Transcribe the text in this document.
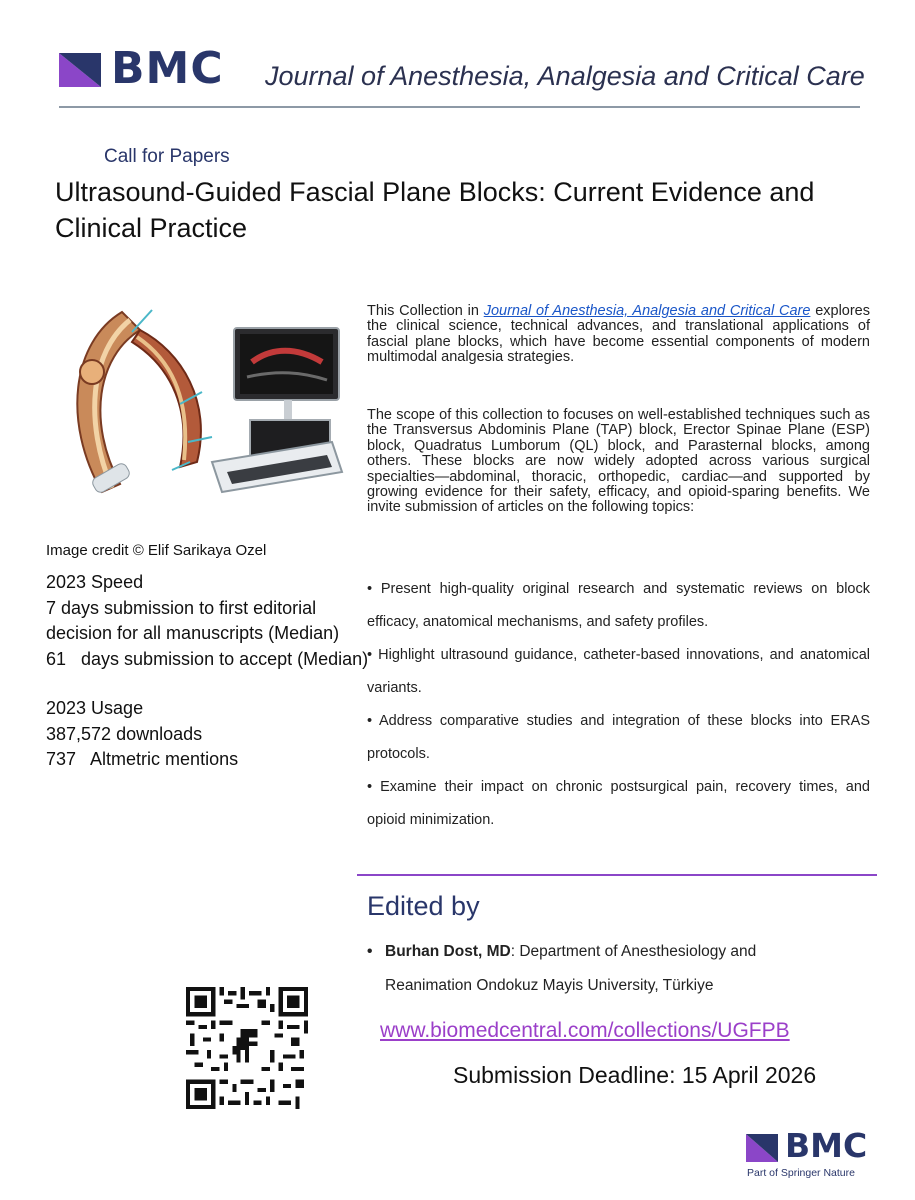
BMC Journal of Anesthesia, Analgesia and Critical Care
Call for Papers
Ultrasound-Guided Fascial Plane Blocks: Current Evidence and Clinical Practice
Image credit © Elif Sarikaya Ozel
2023 Speed
7 days submission to first editorial decision for all manuscripts (Median)
61   days submission to accept (Median)
2023 Usage
387,572 downloads
737   Altmetric mentions
This Collection in Journal of Anesthesia, Analgesia and Critical Care explores the clinical science, technical advances, and translational applications of fascial plane blocks, which have become essential components of modern multimodal analgesia strategies.
The scope of this collection to focuses on well-established techniques such as the Transversus Abdominis Plane (TAP) block, Erector Spinae Plane (ESP) block, Quadratus Lumborum (QL) block, and Parasternal blocks, among others. These blocks are now widely adopted across various surgical specialties—abdominal, thoracic, orthopedic, cardiac—and supported by growing evidence for their safety, efficacy, and opioid-sparing benefits. We invite submission of articles on the following topics:
• Present high-quality original research and systematic reviews on block efficacy, anatomical mechanisms, and safety profiles.
• Highlight ultrasound guidance, catheter-based innovations, and anatomical variants.
• Address comparative studies and integration of these blocks into ERAS protocols.
• Examine their impact on chronic postsurgical pain, recovery times, and opioid minimization.
Edited by
• Burhan Dost, MD: Department of Anesthesiology and
Reanimation Ondokuz Mayis University, Türkiye
www.biomedcentral.com/collections/UGFPB
Submission Deadline: 15 April 2026
BMC
Part of Springer Nature
